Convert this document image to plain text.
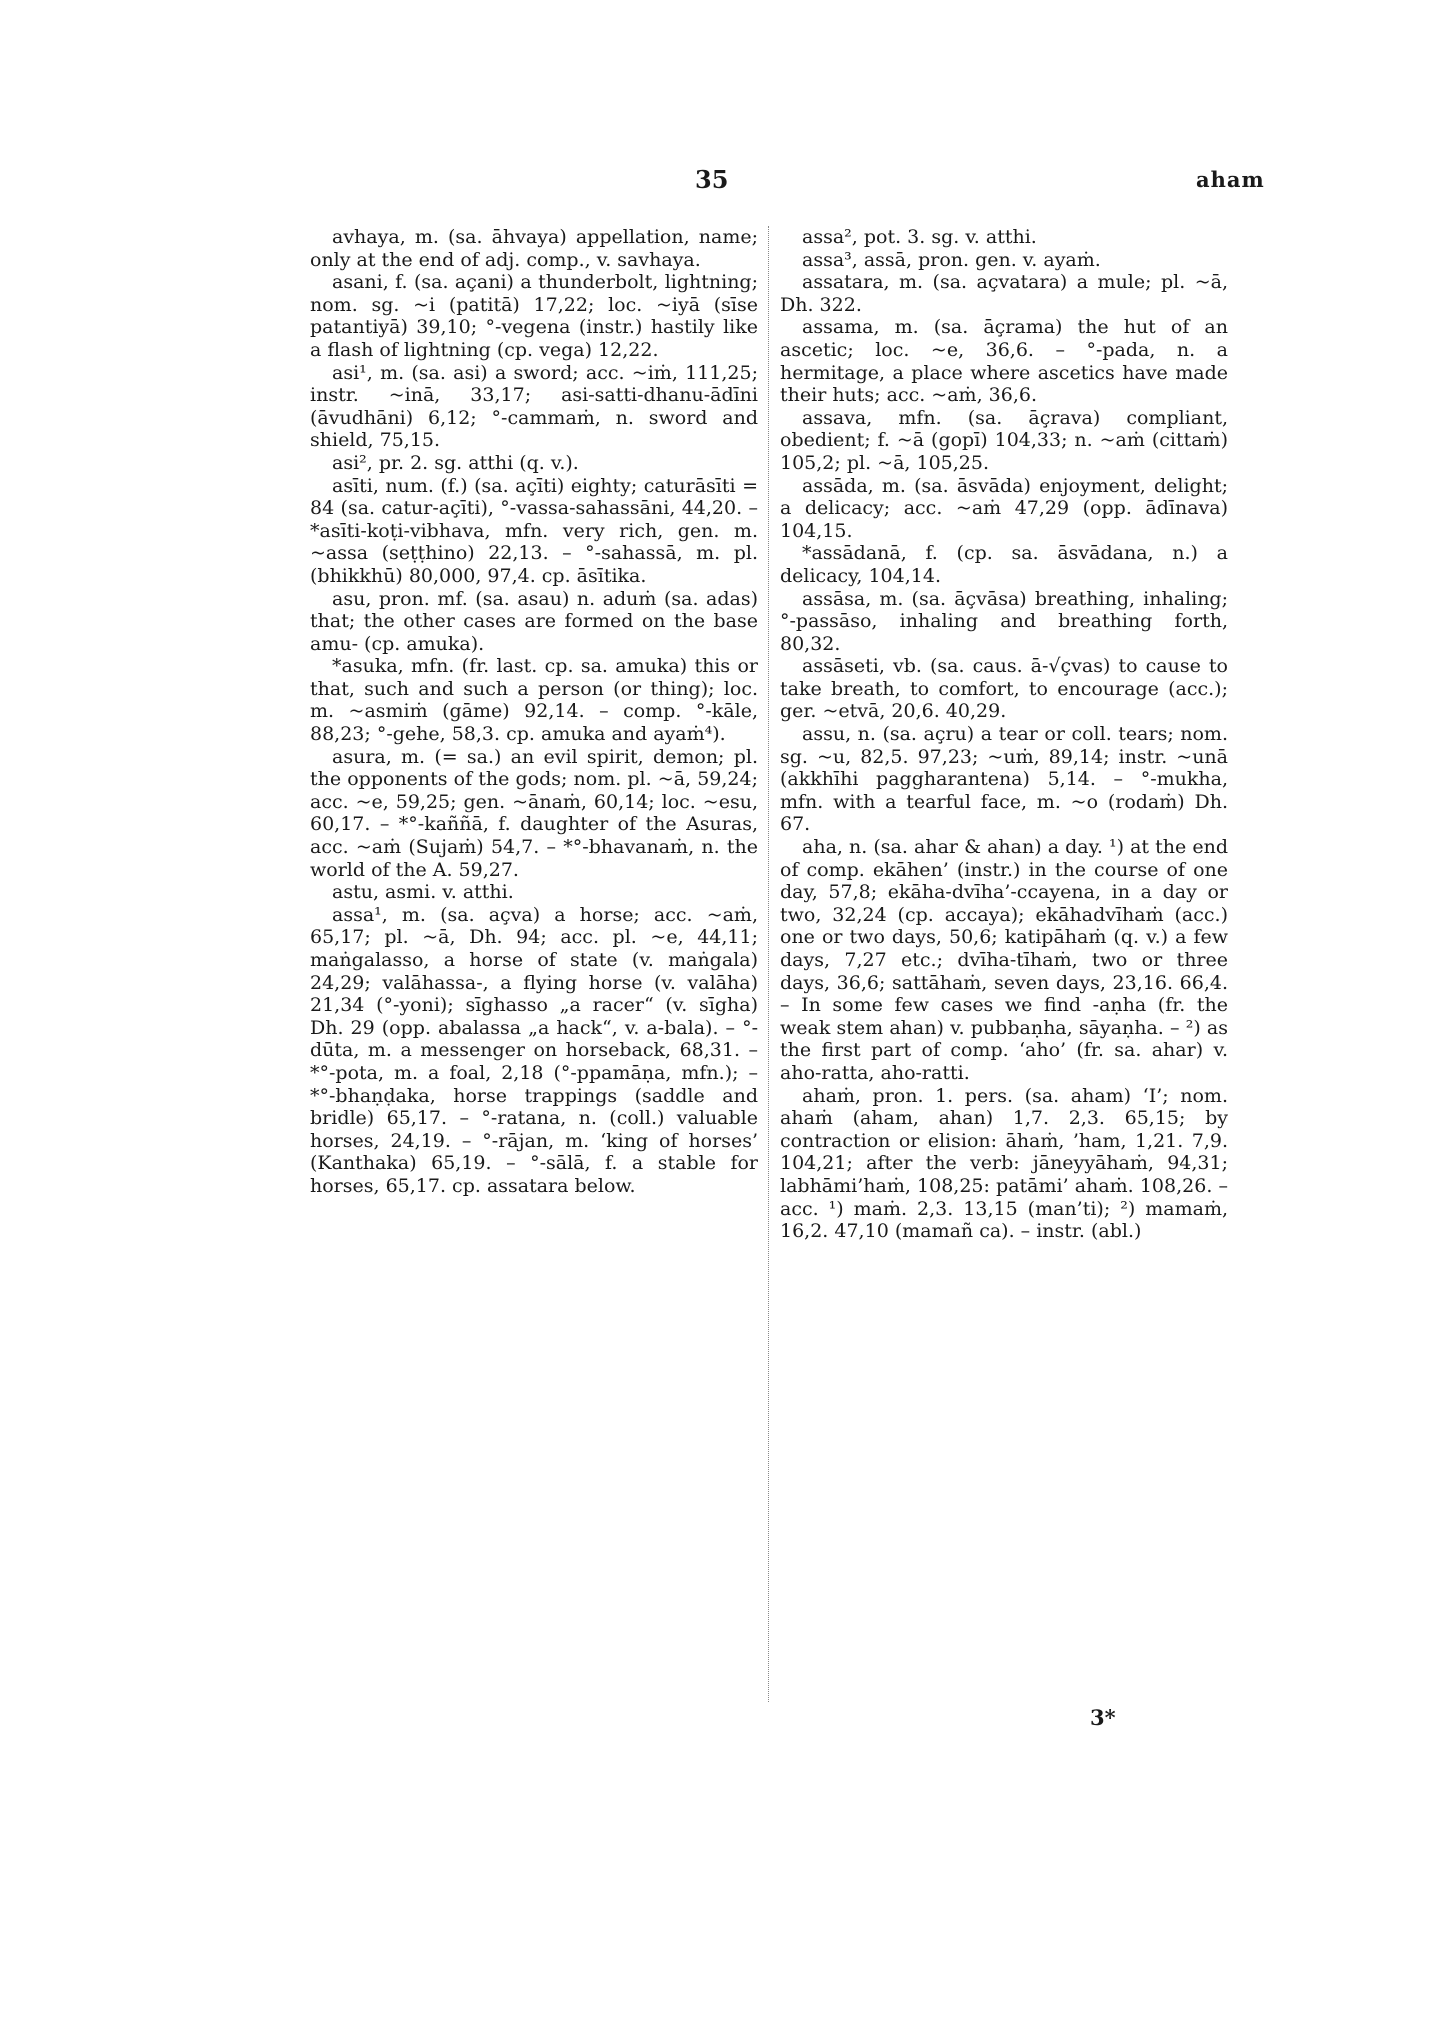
35	aham

avhaya, m. (sa. āhvaya) appellation, name; only at the end of adj. comp., v. savhaya.

asani, f. (sa. açani) a thunderbolt, lightning; nom. sg. ~i (patitā) 17,22; loc. ~iyā (sīse patantiyā) 39,10; °-vegena (instr.) hastily like a flash of lightning (cp. vega) 12,22.

asi¹, m. (sa. asi) a sword; acc. ~iṁ, 111,25; instr. ~inā, 33,17; asi-satti-dhanu-ādīni (āvudhāni) 6,12; °-cammaṁ, n. sword and shield, 75,15.

asi², pr. 2. sg. atthi (q. v.).

asīti, num. (f.) (sa. açīti) eighty; caturāsīti = 84 (sa. catur-açīti), °-vassa-sahassāni, 44,20. – *asīti-koṭi-vibhava, mfn. very rich, gen. m. ~assa (seṭṭhino) 22,13. – °-sahassā, m. pl. (bhikkhū) 80,000, 97,4. cp. āsītika.

asu, pron. mf. (sa. asau) n. aduṁ (sa. adas) that; the other cases are formed on the base amu- (cp. amuka).

*asuka, mfn. (fr. last. cp. sa. amuka) this or that, such and such a person (or thing); loc. m. ~asmiṁ (gāme) 92,14. – comp. °-kāle, 88,23; °-gehe, 58,3. cp. amuka and ayaṁ⁴).

asura, m. (= sa.) an evil spirit, demon; pl. the opponents of the gods; nom. pl. ~ā, 59,24; acc. ~e, 59,25; gen. ~ānaṁ, 60,14; loc. ~esu, 60,17. – *°-kaññā, f. daughter of the Asuras, acc. ~aṁ (Sujaṁ) 54,7. – *°-bhavanaṁ, n. the world of the A. 59,27.

astu, asmi. v. atthi.

assa¹, m. (sa. açva) a horse; acc. ~aṁ, 65,17; pl. ~ā, Dh. 94; acc. pl. ~e, 44,11; maṅgalasso, a horse of state (v. maṅgala) 24,29; valāhassa-, a flying horse (v. valāha) 21,34 (°-yoni); sīghasso „a racer“ (v. sīgha) Dh. 29 (opp. abalassa „a hack“, v. a-bala). – °-dūta, m. a messenger on horseback, 68,31. – *°-pota, m. a foal, 2,18 (°-ppamāṇa, mfn.); – *°-bhaṇḍaka, horse trappings (saddle and bridle) 65,17. – °-ratana, n. (coll.) valuable horses, 24,19. – °-rājan, m. ‘king of horses’ (Kanthaka) 65,19. – °-sālā, f. a stable for horses, 65,17. cp. assatara below.

assa², pot. 3. sg. v. atthi.

assa³, assā, pron. gen. v. ayaṁ.

assatara, m. (sa. açvatara) a mule; pl. ~ā, Dh. 322.

assama, m. (sa. āçrama) the hut of an ascetic; loc. ~e, 36,6. – °-pada, n. a hermitage, a place where ascetics have made their huts; acc. ~aṁ, 36,6.

assava, mfn. (sa. āçrava) compliant, obedient; f. ~ā (gopī) 104,33; n. ~aṁ (cittaṁ) 105,2; pl. ~ā, 105,25.

assāda, m. (sa. āsvāda) enjoyment, delight; a delicacy; acc. ~aṁ 47,29 (opp. ādīnava) 104,15.

*assādanā, f. (cp. sa. āsvādana, n.) a delicacy, 104,14.

assāsa, m. (sa. āçvāsa) breathing, inhaling; °-passāso, inhaling and breathing forth, 80,32.

assāseti, vb. (sa. caus. ā-√çvas) to cause to take breath, to comfort, to encourage (acc.); ger. ~etvā, 20,6. 40,29.

assu, n. (sa. açru) a tear or coll. tears; nom. sg. ~u, 82,5. 97,23; ~uṁ, 89,14; instr. ~unā (akkhīhi paggharantena) 5,14. – °-mukha, mfn. with a tearful face, m. ~o (rodaṁ) Dh. 67.

aha, n. (sa. ahar & ahan) a day. ¹) at the end of comp. ekāhen’ (instr.) in the course of one day, 57,8; ekāha-dvīha’-ccayena, in a day or two, 32,24 (cp. accaya); ekāhadvīhaṁ (acc.) one or two days, 50,6; katipāhaṁ (q. v.) a few days, 7,27 etc.; dvīha-tīhaṁ, two or three days, 36,6; sattāhaṁ, seven days, 23,16. 66,4. – In some few cases we find -aṇha (fr. the weak stem ahan) v. pubbaṇha, sāyaṇha. – ²) as the first part of comp. ‘aho’ (fr. sa. ahar) v. aho-ratta, aho-ratti.

ahaṁ, pron. 1. pers. (sa. aham) ‘I’; nom. ahaṁ (aham, ahan) 1,7. 2,3. 65,15; by contraction or elision: āhaṁ, ’ham, 1,21. 7,9. 104,21; after the verb: jāneyyāhaṁ, 94,31; labhāmi’haṁ, 108,25: patāmi’ ahaṁ. 108,26. – acc. ¹) maṁ. 2,3. 13,15 (man’ti); ²) mamaṁ, 16,2. 47,10 (mamañ ca). – instr. (abl.)

3*
